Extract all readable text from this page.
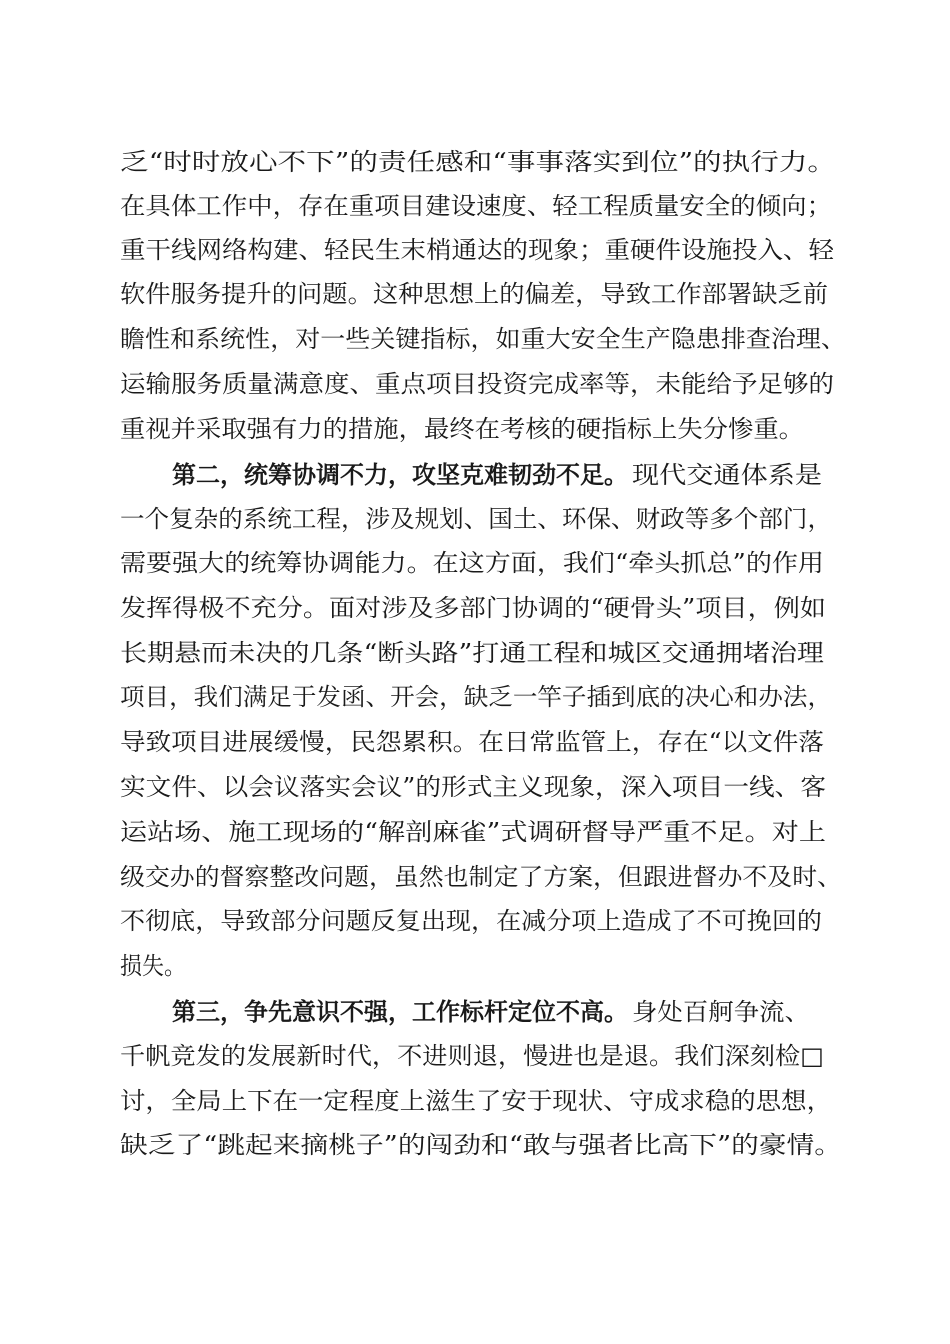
乏“时时放心不下”的责任感和“事事落实到位”的执行力。
在具体工作中，存在重项目建设速度、轻工程质量安全的倾向；
重干线网络构建、轻民生末梢通达的现象；重硬件设施投入、轻
软件服务提升的问题。这种思想上的偏差，导致工作部署缺乏前
瞻性和系统性，对一些关键指标，如重大安全生产隐患排查治理、
运输服务质量满意度、重点项目投资完成率等，未能给予足够的
重视并采取强有力的措施，最终在考核的硬指标上失分惨重。
第二，统筹协调不力，攻坚克难韧劲不足。 现代交通体系是
一个复杂的系统工程，涉及规划、国土、环保、财政等多个部门，
需要强大的统筹协调能力。在这方面，我们“牵头抓总”的作用
发挥得极不充分。面对涉及多部门协调的“硬骨头”项目，例如
长期悬而未决的几条“断头路”打通工程和城区交通拥堵治理
项目，我们满足于发函、开会，缺乏一竿子插到底的决心和办法，
导致项目进展缓慢，民怨累积。在日常监管上，存在“以文件落
实文件、以会议落实会议”的形式主义现象，深入项目一线、客
运站场、施工现场的“解剖麻雀”式调研督导严重不足。对上
级交办的督察整改问题，虽然也制定了方案，但跟进督办不及时、
不彻底，导致部分问题反复出现，在减分项上造成了不可挽回的
损失。
第三，争先意识不强，工作标杆定位不高。 身处百舸争流、
千帆竞发的发展新时代，不进则退，慢进也是退。我们深刻检□
讨，全局上下在一定程度上滋生了安于现状、守成求稳的思想，
缺乏了“跳起来摘桃子”的闯劲和“敢与强者比高下”的豪情。
